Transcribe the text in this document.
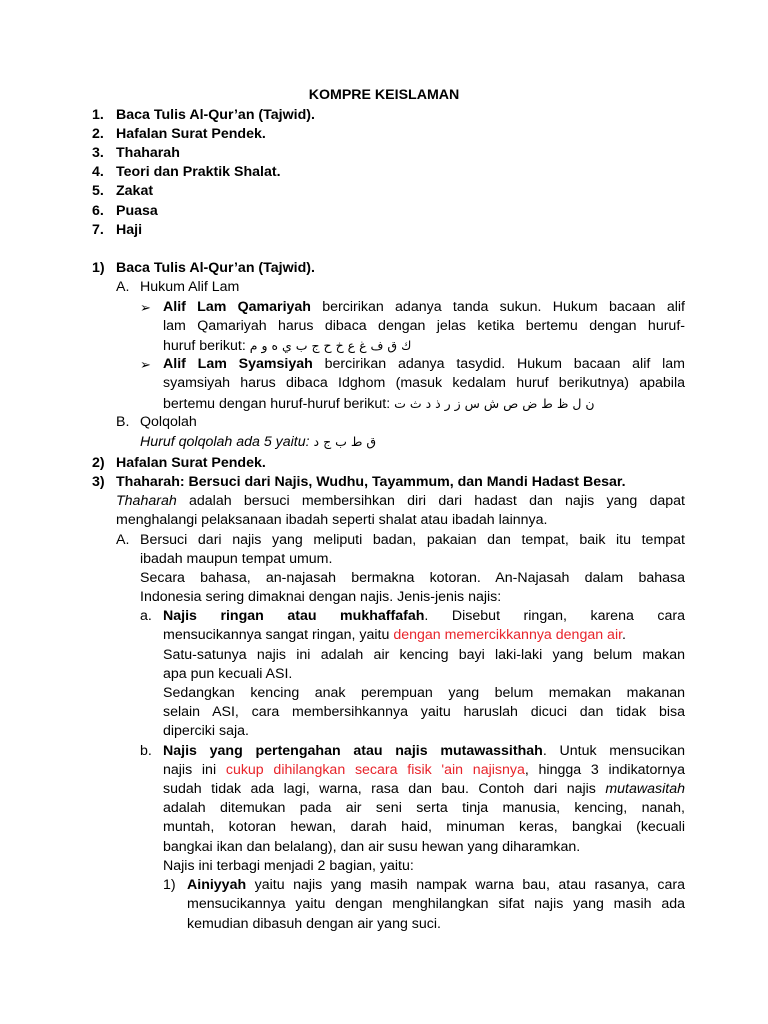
KOMPRE KEISLAMAN
1. Baca Tulis Al-Qur’an (Tajwid).
2. Hafalan Surat Pendek.
3. Thaharah
4. Teori dan Praktik Shalat.
5. Zakat
6. Puasa
7. Haji
1) Baca Tulis Al-Qur’an (Tajwid).
A. Hukum Alif Lam
➢ Alif Lam Qamariyah bercirikan adanya tanda sukun. Hukum bacaan alif
lam Qamariyah harus dibaca dengan jelas ketika bertemu dengan huruf-
huruf berikut: ك ق ف غ ع خ ح ج ب ي ه و م
➢ Alif Lam Syamsiyah bercirikan adanya tasydid. Hukum bacaan alif lam
syamsiyah harus dibaca Idghom (masuk kedalam huruf berikutnya) apabila
bertemu dengan huruf-huruf berikut: ن ل ظ ط ض ص ش س ز ر ذ د ث ت
B. Qolqolah
Huruf qolqolah ada 5 yaitu: ق ط ب ج د
2) Hafalan Surat Pendek.
3) Thaharah: Bersuci dari Najis, Wudhu, Tayammum, dan Mandi Hadast Besar.
Thaharah adalah bersuci membersihkan diri dari hadast dan najis yang dapat
menghalangi pelaksanaan ibadah seperti shalat atau ibadah lainnya.
A. Bersuci dari najis yang meliputi badan, pakaian dan tempat, baik itu tempat
ibadah maupun tempat umum.
Secara bahasa, an-najasah bermakna kotoran. An-Najasah dalam bahasa
Indonesia sering dimaknai dengan najis. Jenis-jenis najis:
a. Najis ringan atau mukhaffafah. Disebut ringan, karena cara
mensucikannya sangat ringan, yaitu dengan memercikkannya dengan air.
Satu-satunya najis ini adalah air kencing bayi laki-laki yang belum makan
apa pun kecuali ASI.
Sedangkan kencing anak perempuan yang belum memakan makanan
selain ASI, cara membersihkannya yaitu haruslah dicuci dan tidak bisa
diperciki saja.
b. Najis yang pertengahan atau najis mutawassithah. Untuk mensucikan
najis ini cukup dihilangkan secara fisik 'ain najisnya, hingga 3 indikatornya
sudah tidak ada lagi, warna, rasa dan bau. Contoh dari najis mutawasitah
adalah ditemukan pada air seni serta tinja manusia, kencing, nanah,
muntah, kotoran hewan, darah haid, minuman keras, bangkai (kecuali
bangkai ikan dan belalang), dan air susu hewan yang diharamkan.
Najis ini terbagi menjadi 2 bagian, yaitu:
1) Ainiyyah yaitu najis yang masih nampak warna bau, atau rasanya, cara
mensucikannya yaitu dengan menghilangkan sifat najis yang masih ada
kemudian dibasuh dengan air yang suci.
